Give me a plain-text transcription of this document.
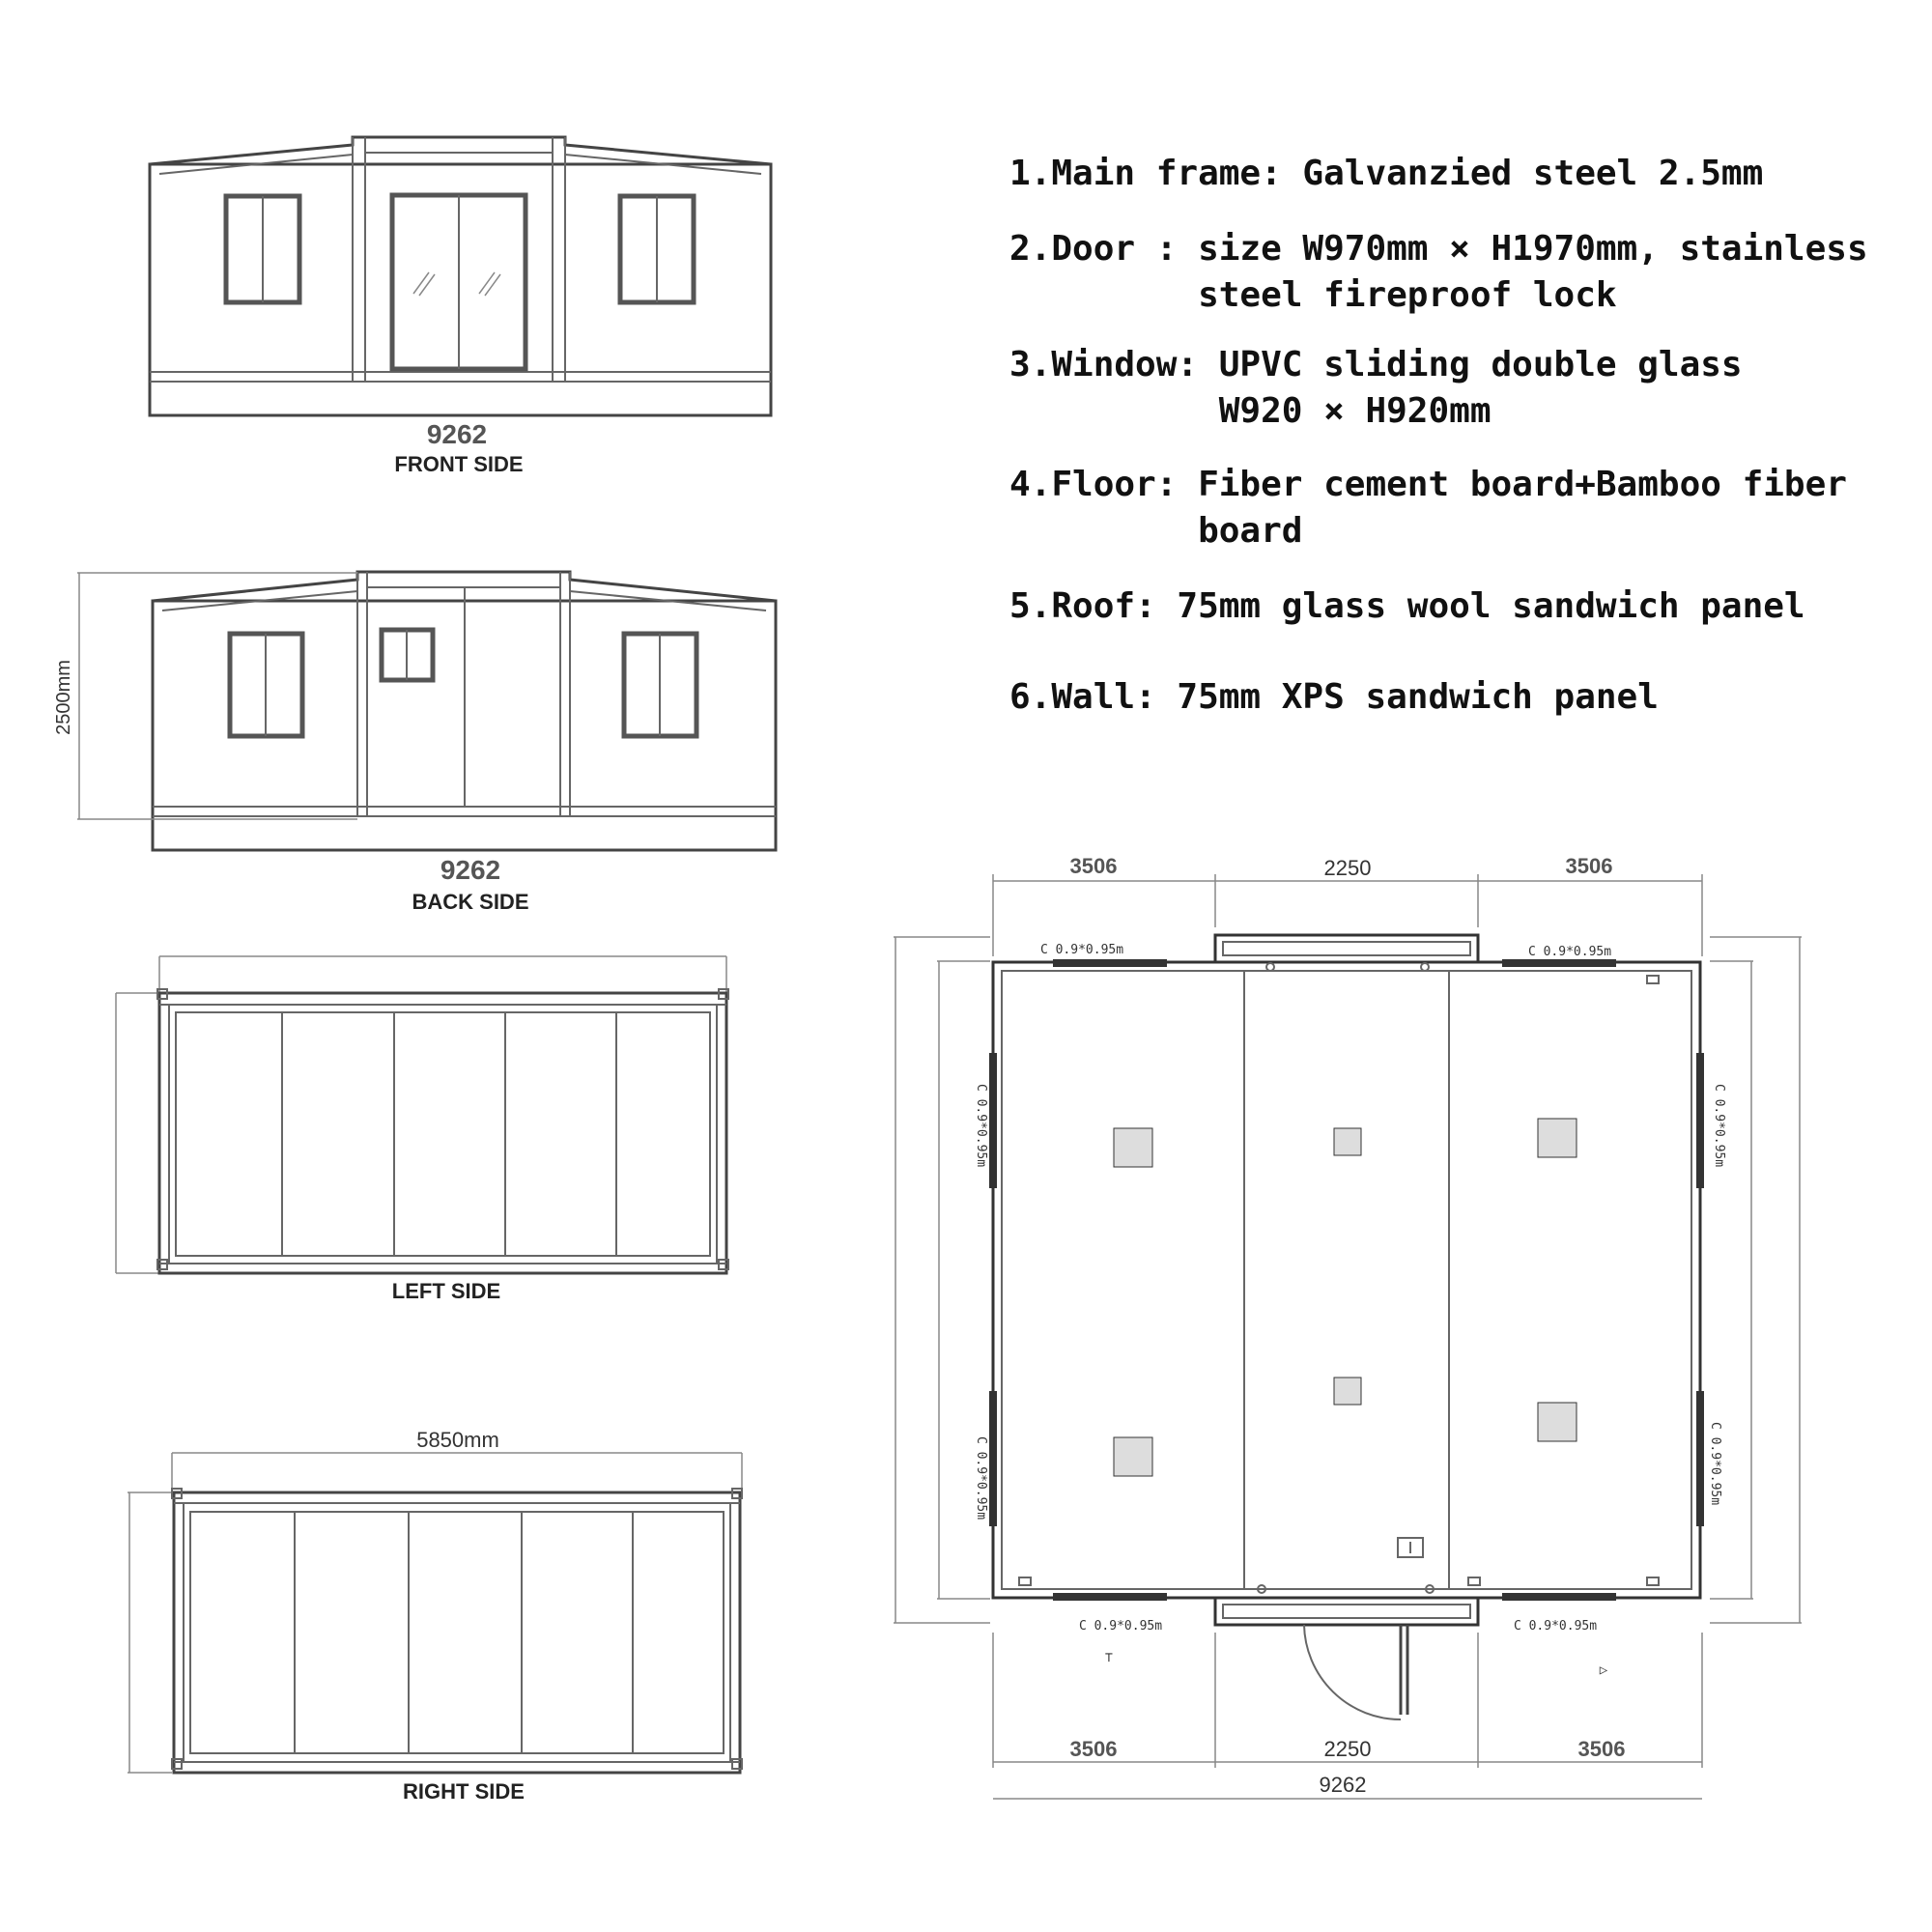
9262
FRONT SIDE
2500mm
9262
BACK SIDE
LEFT SIDE
5850mm
RIGHT SIDE
⊤
▷
3506	2250	3506
3506	2250	3506
9262
C 0.9*0.95m	C 0.9*0.95m
C 0.9*0.95m	C 0.9*0.95m
C 0.9*0.95m
C 0.9*0.95m
C 0.9*0.95m
C 0.9*0.95m
1.Main frame: Galvanzied steel 2.5mm
2.Door : size W970mm × H1970mm, stainless
steel fireproof lock
3.Window: UPVC sliding double glass
W920 × H920mm
4.Floor: Fiber cement board+Bamboo fiber
board
5.Roof: 75mm glass wool sandwich panel
6.Wall: 75mm XPS sandwich panel
